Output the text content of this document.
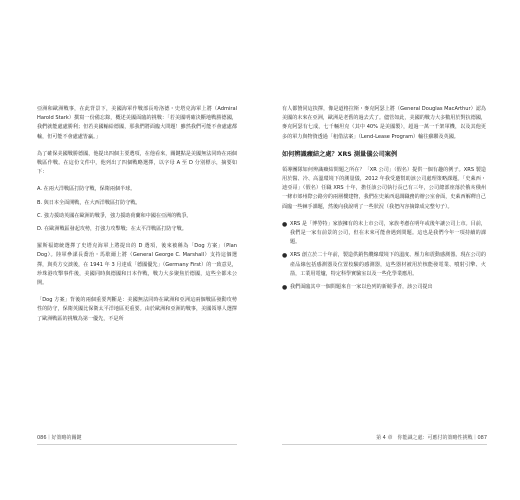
亞洲和歐洲戰事，在此背景下，美國海軍作戰部長哈洛德・史塔克海軍上將（Admiral Harold Stark）撰寫一份備忘錄，概述美國面臨的挑戰：「若美國明確決斷地戰勝德國，我們就能處處勝利；但若美國輸給德國，那我們將面臨大問題！雖然我們可能不會處處都輸，但可能不會處處皆贏。」

為了確保美國戰勝德國，他提出四個主要選項，在他看來，關鍵點是美國無法同時在兩個戰區作戰。在這份文件中，他列出了四個戰略選擇，以字母 A 至 D 分別標示，摘要如下：

A. 在兩大洋戰區打防守戰，保衛兩個半球。

B. 與日本全面開戰，在大西洋戰區打防守戰。

C. 強力援助英國在歐洲的戰爭，強力援助荷蘭和中國在亞洲的戰爭。

D. 在歐洲戰區發起攻勢，打強力攻擊戰；在太平洋戰區打防守戰。

羅斯福總統選擇了史塔克海軍上將提出的 D 選項，後來被稱為「Dog 方案」（Plan Dog）。陸軍參謀長喬治・馬歇爾上將（General George C. Marshall）支持這個選擇，與英方交談後，在 1941 年 3 月達成「德國優先」（Germany First）的一致意見，珍珠港攻擊事件後，美國同時與德國和日本作戰，戰力大多聚焦於德國，這些全都未公開。

「Dog 方案」背後的兩個重要判斷是：美國無法同時在歐洲和亞洲這兩個戰區發動攻勢性的防守，保衛英國比保衛太平洋地區更重要。由於歐洲和亞洲的戰事，美國領導人選擇了歐洲戰區的挑戰為第一優先，不是所

有人都贊同這抉擇，像是道格拉斯・麥克阿瑟上將（General Douglas MacArthur）認為美國的未來在亞洲，歐洲是老舊的過去式了。儘管如此，美國的戰力大多數用於對抗德國，麥克阿瑟有七成，七千輛坦克（其中 40% 是美國製），超過一萬一千架軍機，以及其他更多的軍力與物資透過「租借法案」（Lend-Lease Program）輸往蘇聯及英國。

如何辨識癥結之處？XRS 測量儀公司案例

領導團隊如何辨識癥結問題之所在？「XR 公司」（假名）提供一個有趣的例子。XRS 製造用於醫、冷、高溫環境下的測量儀，2012 年我受邀幫助該公司處理策略課題。「史萊西・迪亞哥」（假名）任職 XRS 十年，擔任該公司執行長已有三年，公司總部座落於俄亥俄州一條市郊州際公路旁的兩層樓建物，我們在史萊西退調職務的辦公室會面，史萊西解釋自己面臨一些棘手課題，然後向我說明了一些狀況（我把內容摘錄成完整句子）。

● XRS 是「博勞特」家族擁有的未上市公司，家族考慮在明年或後年讓公司上市。目前，我們是一家有前景的公司，但在未來可能會遇到問題。這也是我們今年一項持續的課題。
● XRS 創立於二十年前，製造供銷售纜線環境下的溫度、壓力和震動感測器。現在公司的產品線包括感測器及位置校驗的感測器，這些器材被用於核能發電業、噴射引擎、火箭，工業用電爐，特定科學實驗室以及一些化學業應用。
● 我們面臨其中一個問題來自一家以色列的新競爭者，該公司提出
086｜好策略的關鍵	第 4 章　你能識之處：可應付的策略性挑戰｜087
